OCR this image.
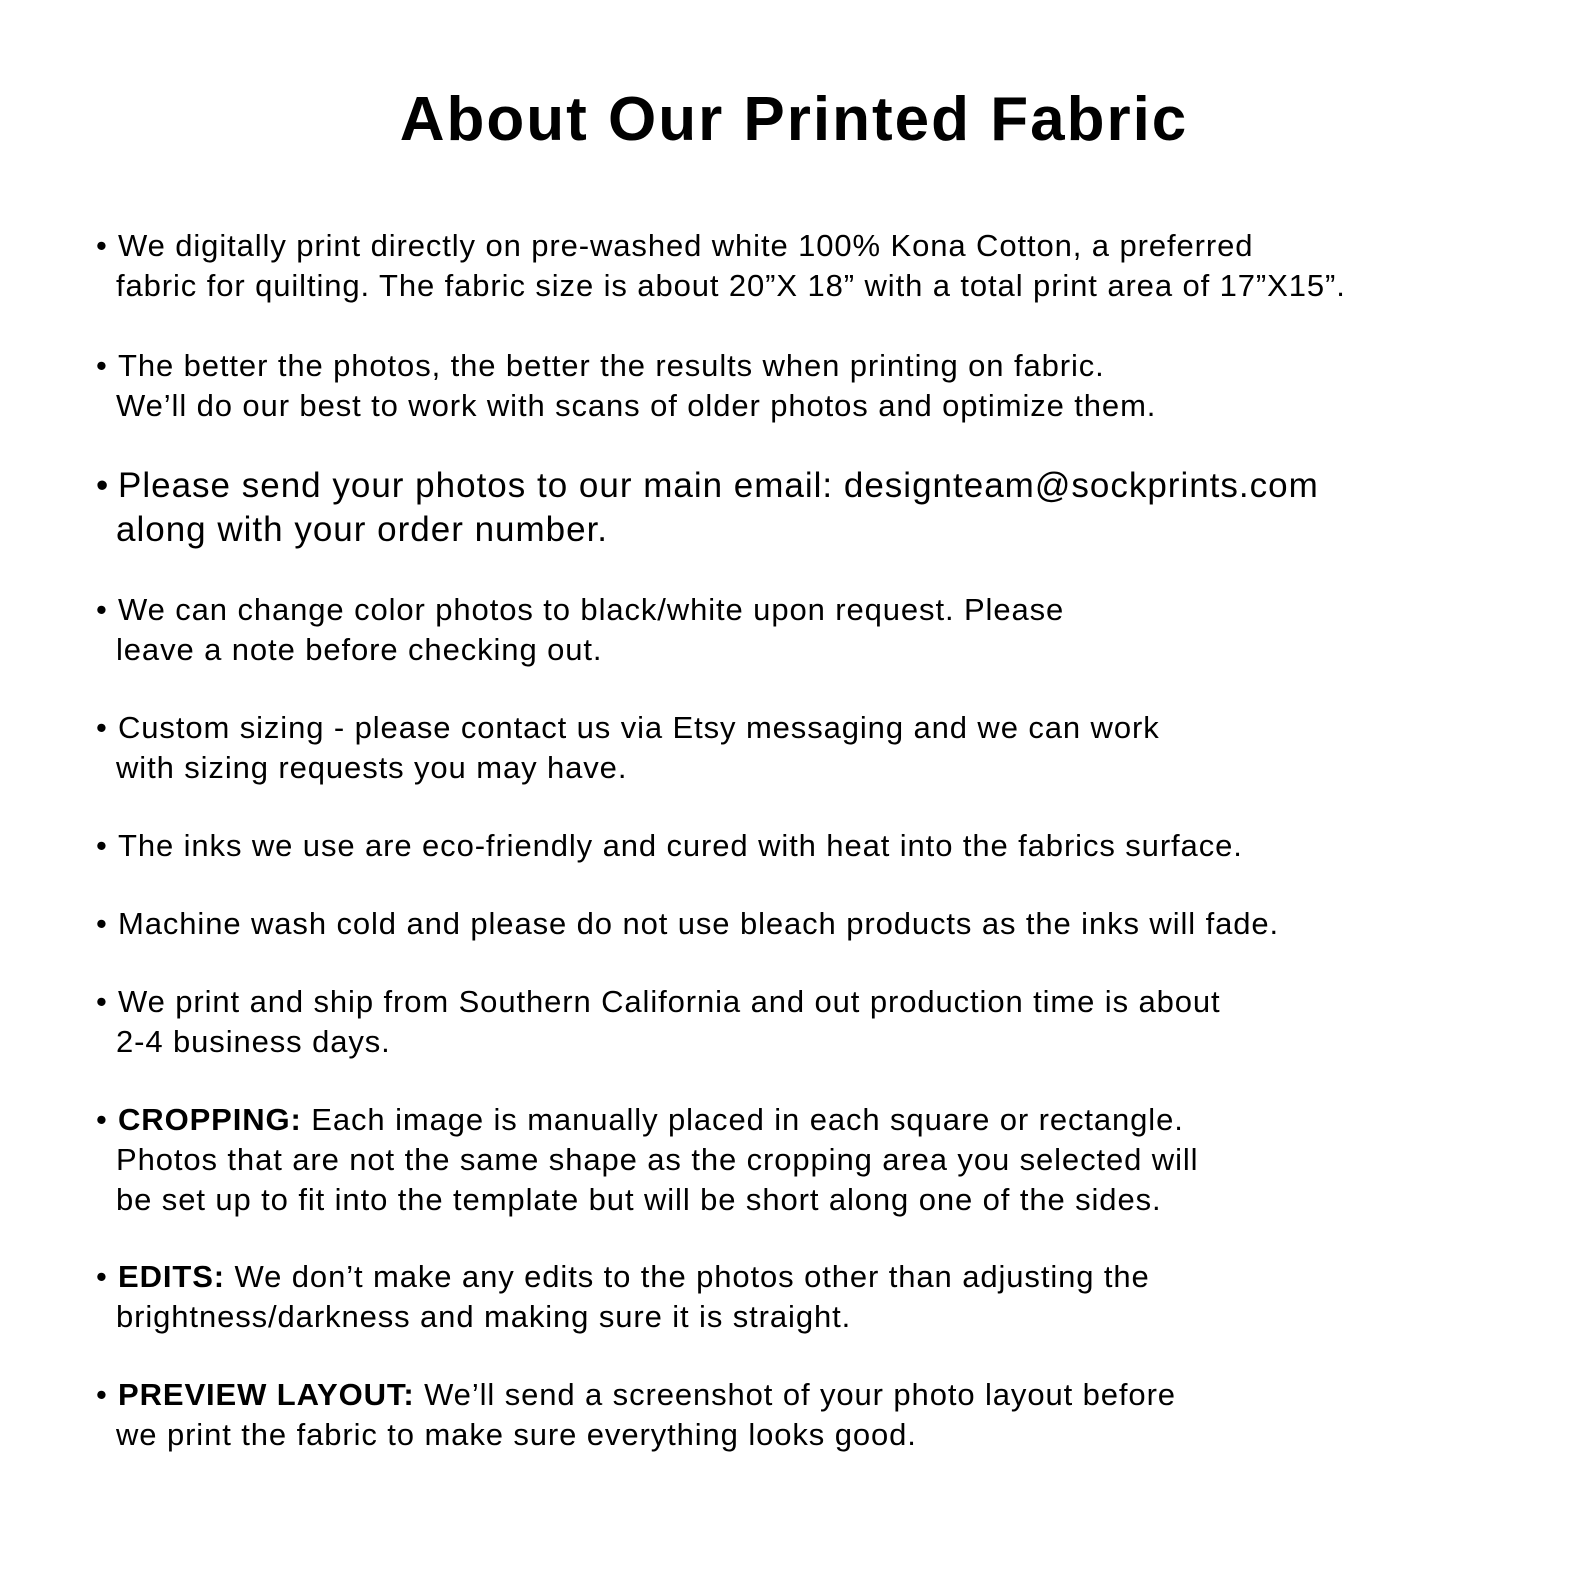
About Our Printed Fabric
• We digitally print directly on pre-washed white 100% Kona Cotton, a preferred
fabric for quilting. The fabric size is about 20”X 18” with a total print area of 17”X15”.
• The better the photos, the better the results when printing on fabric.
We’ll do our best to work with scans of older photos and optimize them.
• Please send your photos to our main email: designteam@sockprints.com
along with your order number.
• We can change color photos to black/white upon request. Please
leave a note before checking out.
• Custom sizing - please contact us via Etsy messaging and we can work
with sizing requests you may have.
• The inks we use are eco-friendly and cured with heat into the fabrics surface.
• Machine wash cold and please do not use bleach products as the inks will fade.
• We print and ship from Southern California and out production time is about
2-4 business days.
• CROPPING: Each image is manually placed in each square or rectangle.
Photos that are not the same shape as the cropping area you selected will
be set up to fit into the template but will be short along one of the sides.
• EDITS: We don’t make any edits to the photos other than adjusting the
brightness/darkness and making sure it is straight.
• PREVIEW LAYOUT: We’ll send a screenshot of your photo layout before
we print the fabric to make sure everything looks good.
